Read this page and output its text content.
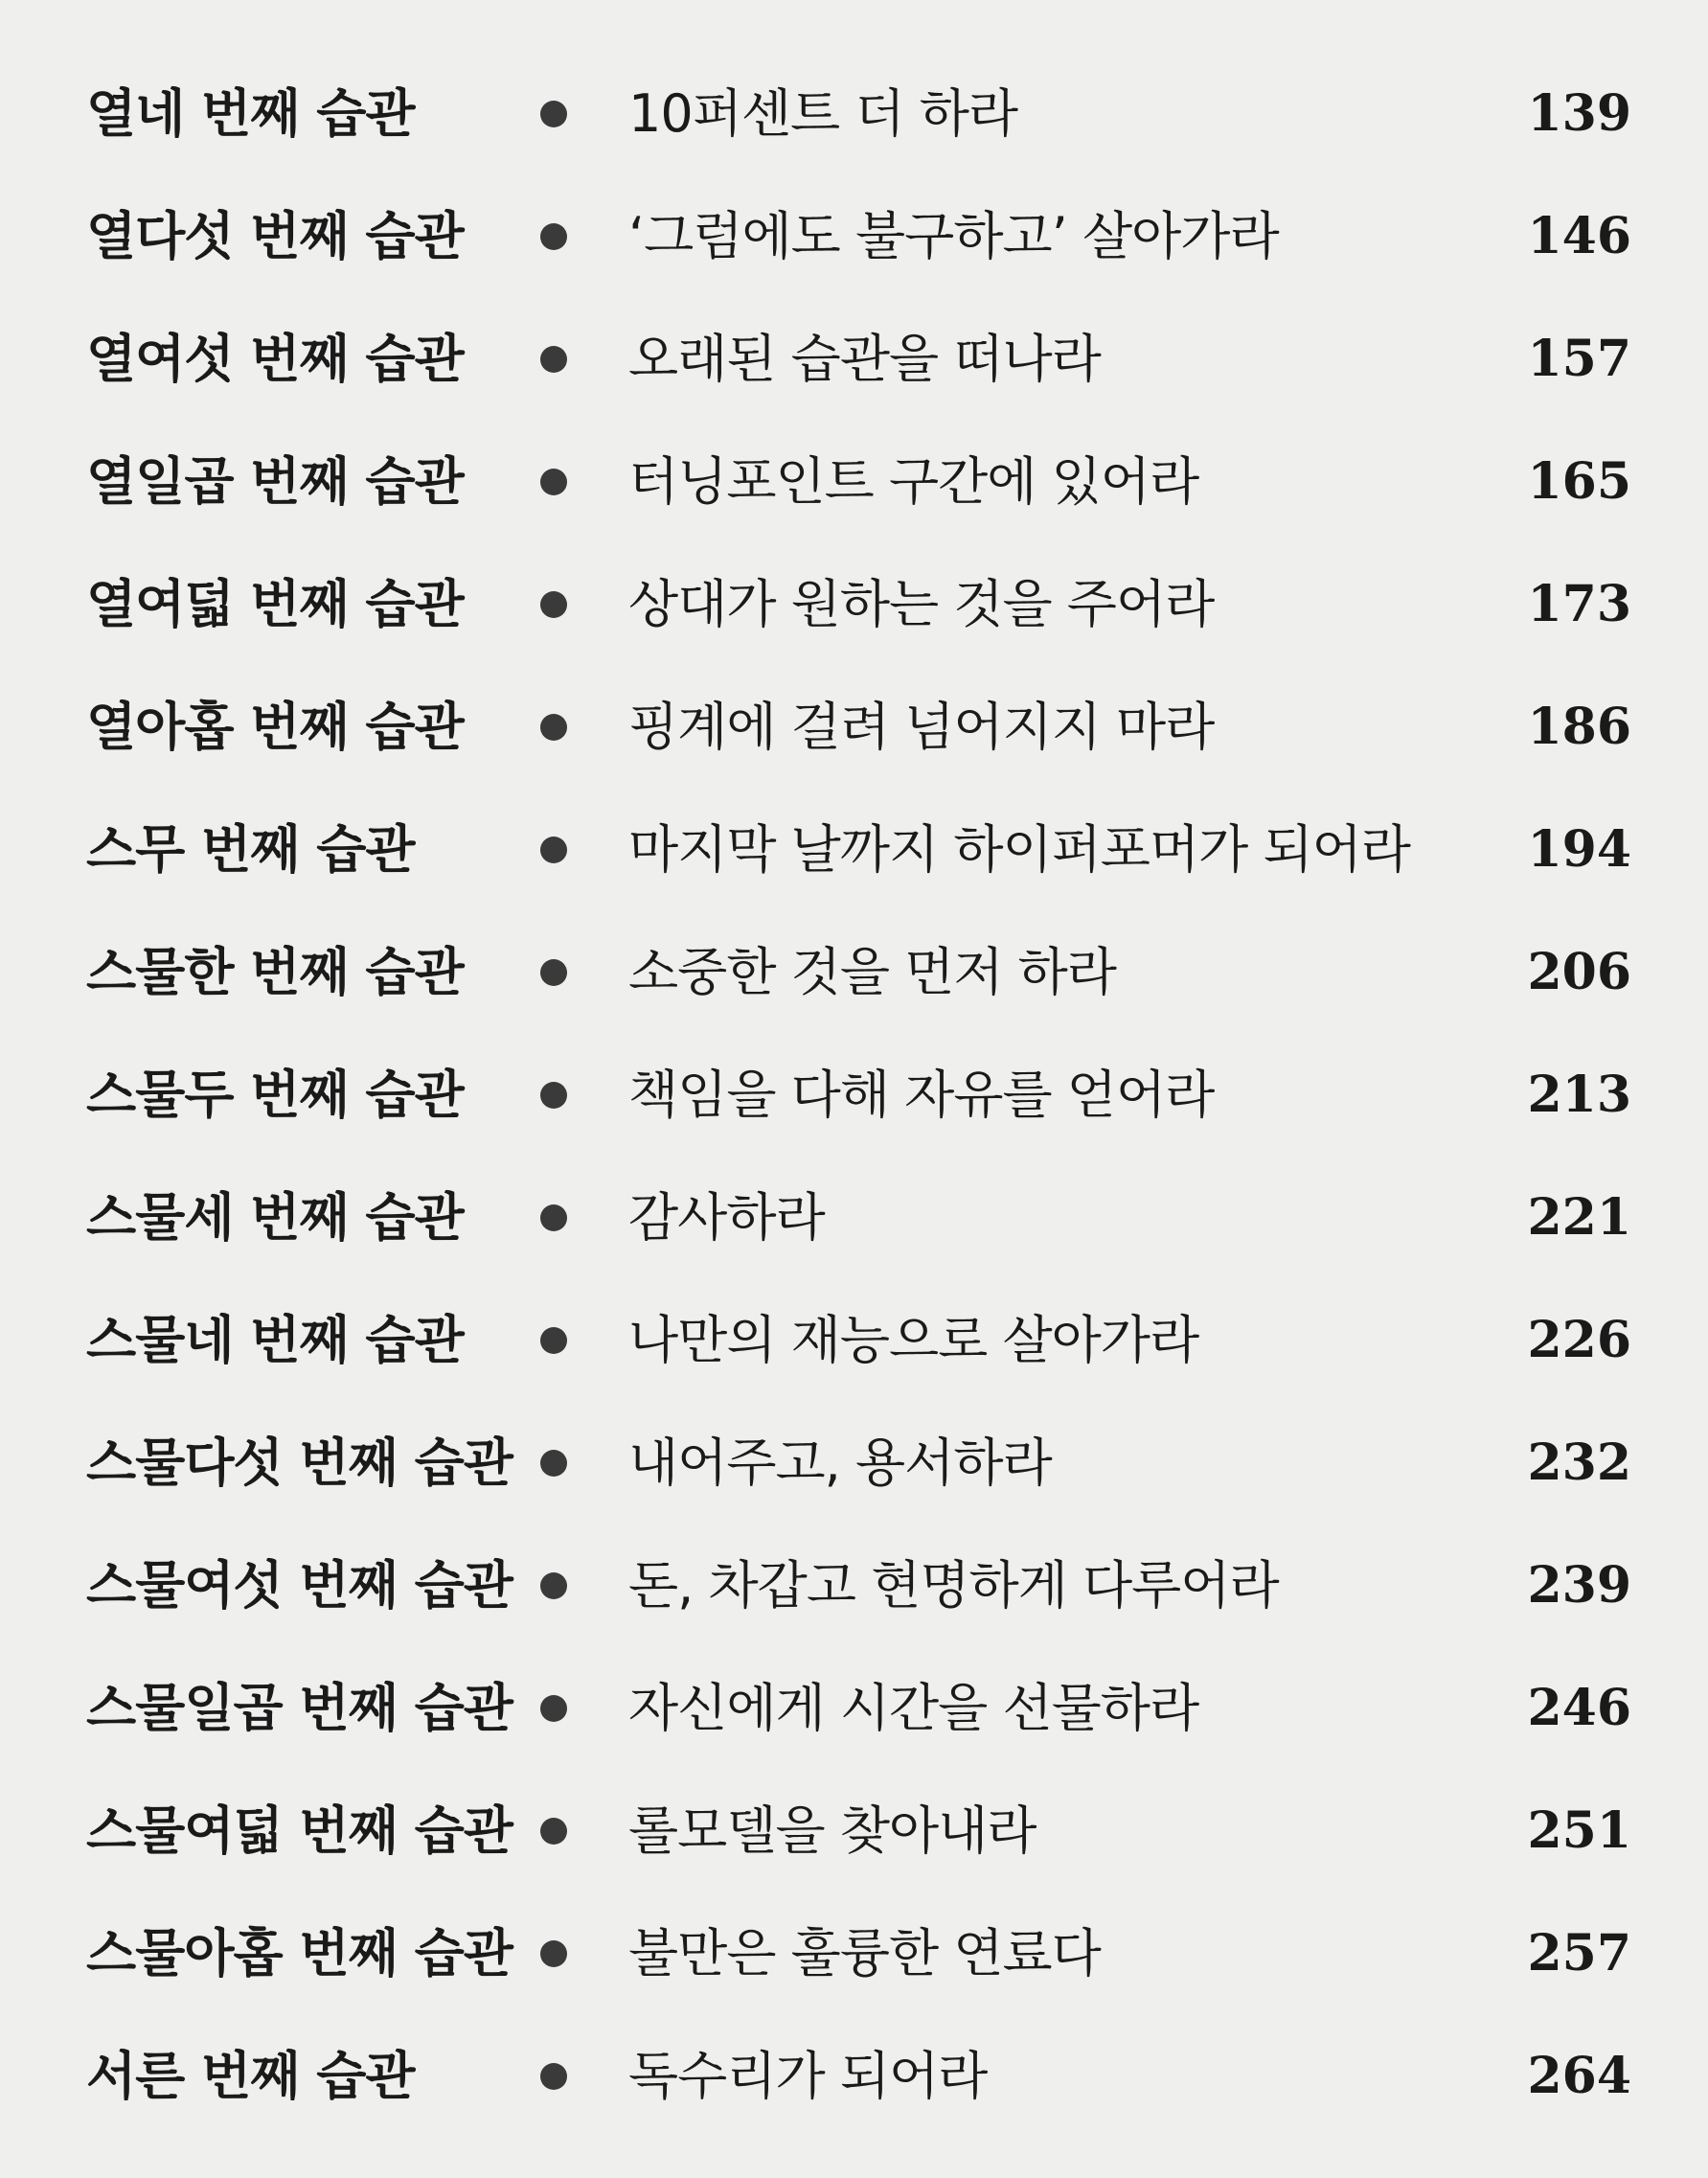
열네 번째 습관	10퍼센트 더 하라	139
열다섯 번째 습관	‘그럼에도 불구하고’ 살아가라	146
열여섯 번째 습관	오래된 습관을 떠나라	157
열일곱 번째 습관	터닝포인트 구간에 있어라	165
열여덟 번째 습관	상대가 원하는 것을 주어라	173
열아홉 번째 습관	핑계에 걸려 넘어지지 마라	186
스무 번째 습관	마지막 날까지 하이퍼포머가 되어라 194
스물한 번째 습관	소중한 것을 먼저 하라	206
스물두 번째 습관	책임을 다해 자유를 얻어라	213
스물세 번째 습관	감사하라	221
스물네 번째 습관	나만의 재능으로 살아가라	226
스물다섯 번째 습관 내어주고, 용서하라	232
스물여섯 번째 습관 돈, 차갑고 현명하게 다루어라	239
스물일곱 번째 습관 자신에게 시간을 선물하라	246
스물여덟 번째 습관 롤모델을 찾아내라	251
스물아홉 번째 습관 불만은 훌륭한 연료다	257
서른 번째 습관	독수리가 되어라	264
